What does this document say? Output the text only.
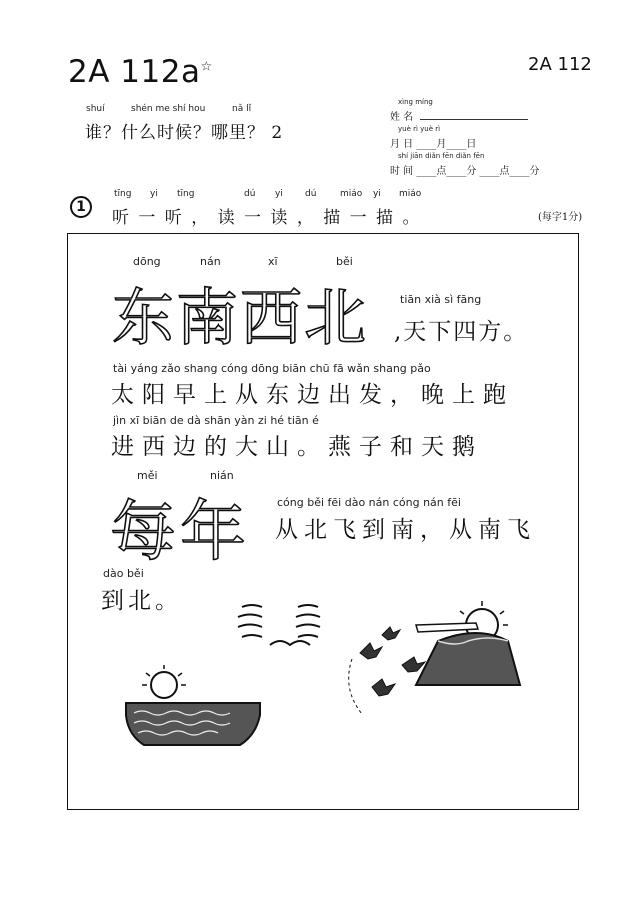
2A 112a☆	2A 112
shuí	shén me shí hou	nǎ lǐ
谁？什么时候？哪里？ 2
xìng míng
姓 名
yuè rì yuè rì
月 日 ____月____日
shí jiān diǎn fēn diǎn fēn
时 间 ____点____分 ____点____分
1
tīng yi tīng	dú yi dú	miáo yi miáo
听 一 听 ， 读 一 读 ， 描 一 描 。	(每字1分)
dōng	nán	xī	běi
东南西北	tiān xià sì fāng
,天下四方。
tài yáng zǎo shang cóng dōng biān chū fā wǎn shang pǎo
太阳早上从东边出发，晚上跑
jìn xī biān de dà shān yàn zi hé tiān é
进西边的大山。燕子和天鹅
měi	nián
每年 cóng běi fēi dào nán cóng nán fēi
从北飞到南，从南飞
dào běi
到北。
